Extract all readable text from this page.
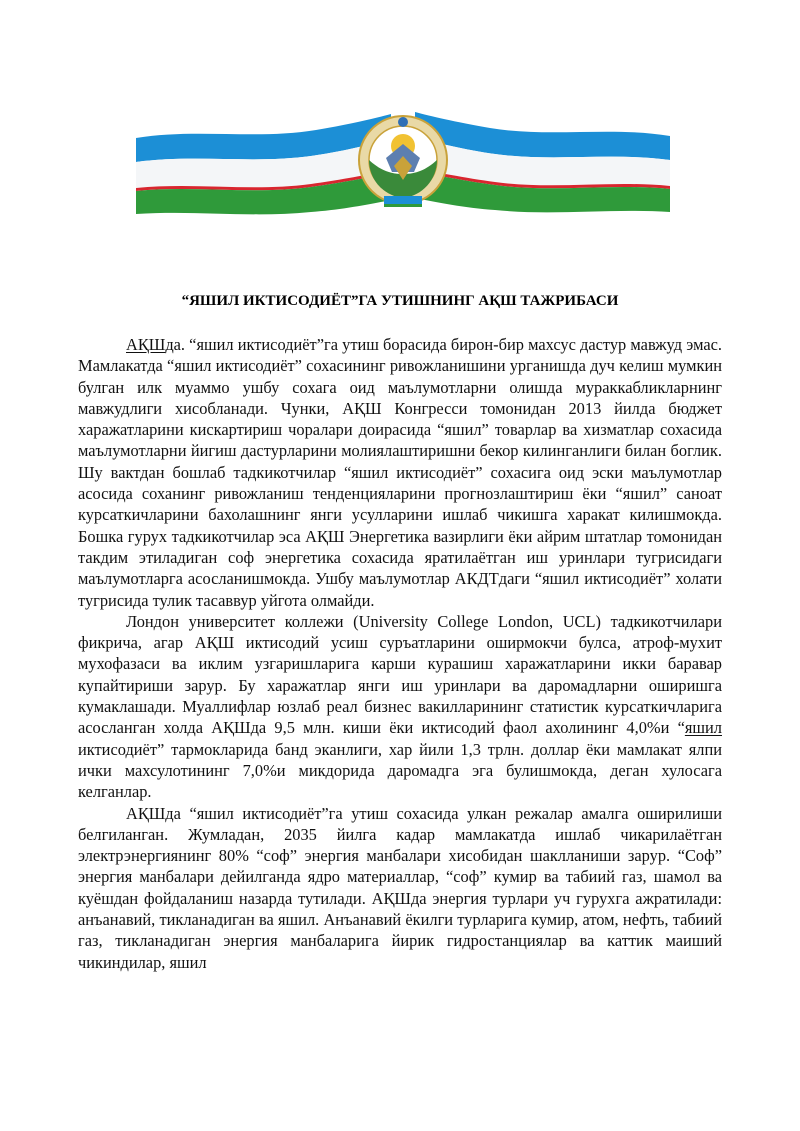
“ЯШИЛ ИКТИСОДИЁТ”ГА УТИШНИНГ АҚШ ТАЖРИБАСИ

АҚШда. “яшил иктисодиёт”га утиш борасида бирон-бир махсус дастур мавжуд эмас. Мамлакатда “яшил иктисодиёт” сохасининг ривожланишини урганишда дуч келиш мумкин булган илк муаммо ушбу сохага оид маълумотларни олишда мураккабликларнинг мавжудлиги хисобланади. Чунки, АҚШ Конгресси томонидан 2013 йилда бюджет харажатларини кискартириш чоралари доирасида “яшил” товарлар ва хизматлар сохасида маълумотларни йигиш дастурларини молиялаштиришни бекор килинганлиги билан боглик. Шу вактдан бошлаб тадкикотчилар “яшил иктисодиёт” сохасига оид эски маълумотлар асосида соханинг ривожланиш тенденцияларини прогнозлаштириш ёки “яшил” саноат курсаткичларини бахолашнинг янги усулларини ишлаб чикишга харакат килишмокда. Бошка гурух тадкикотчилар эса АҚШ Энергетика вазирлиги ёки айрим штатлар томонидан такдим этиладиган соф энергетика сохасида яратилаётган иш уринлари тугрисидаги маълумотларга асосланишмокда. Ушбу маълумотлар АКДТдаги “яшил иктисодиёт” холати тугрисида тулик тасаввур уйгота олмайди.

Лондон университет коллежи (University College London, UCL) тадкикотчилари фикрича, агар АҚШ иктисодий усиш суръатларини оширмокчи булса, атроф-мухит мухофазаси ва иклим узгаришларига карши курашиш харажатларини икки баравар купайтириши зарур. Бу харажатлар янги иш уринлари ва даромадларни оширишга кумаклашади. Муаллифлар юзлаб реал бизнес вакилларининг статистик курсаткичларига асосланган холда АҚШда 9,5 млн. киши ёки иктисодий фаол ахолининг 4,0%и “яшил иктисодиёт” тармокларида банд эканлиги, хар йили 1,3 трлн. доллар ёки мамлакат ялпи ички махсулотининг 7,0%и микдорида даромадга эга булишмокда, деган хулосага келганлар.

АҚШда “яшил иктисодиёт”га утиш сохасида улкан режалар амалга оширилиши белгиланган. Жумладан, 2035 йилга кадар мамлакатда ишлаб чикарилаётган электрэнергиянинг 80% “соф” энергия манбалари хисобидан шаклланиши зарур. “Соф” энергия манбалари дейилганда ядро материаллар, “соф” кумир ва табиий газ, шамол ва куёшдан фойдаланиш назарда тутилади. АҚШда энергия турлари уч гурухга ажратилади: анъанавий, тикланадиган ва яшил. Анъанавий ёкилги турларига кумир, атом, нефть, табиий газ, тикланадиган энергия манбаларига йирик гидростанциялар ва каттик маиший чикиндилар, яшил
